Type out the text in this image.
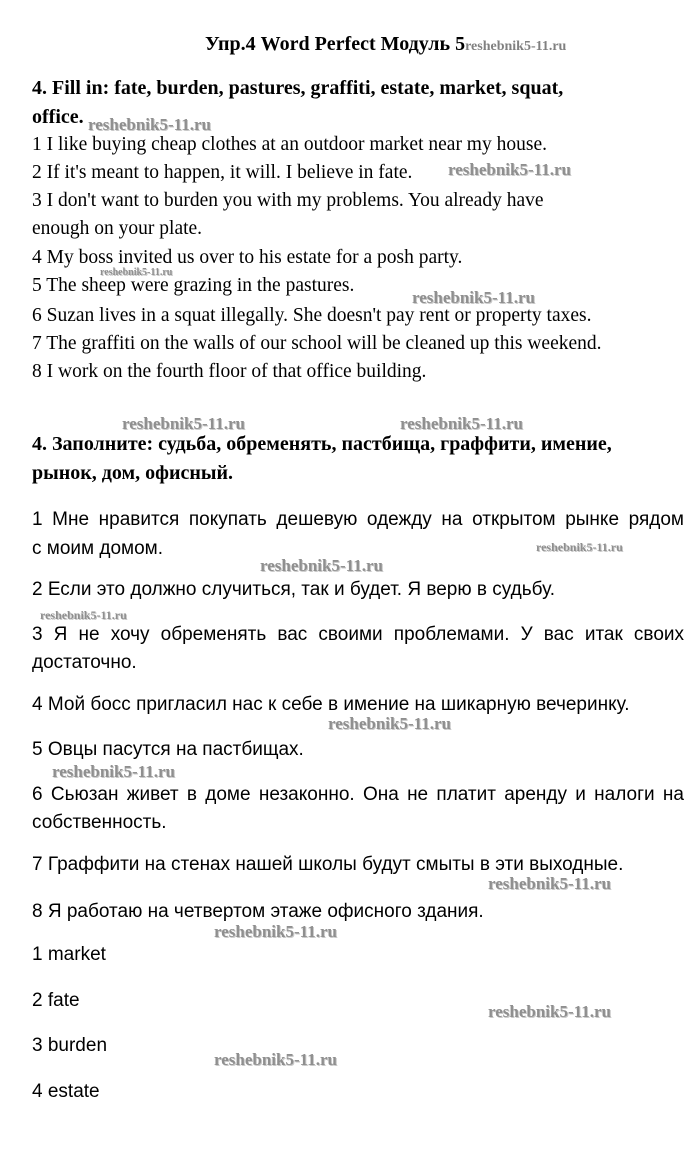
Упр.4 Word Perfect Модуль 5reshebnik5-11.ru
4. Fill in: fate, burden, pastures, graffiti, estate, market, squat,
office.
1 I like buying cheap clothes at an outdoor market near my house.
2 If it's meant to happen, it will. I believe in fate.
3 I don't want to burden you with my problems. You already have
enough on your plate.
4 My boss invited us over to his estate for a posh party.
5 The sheep were grazing in the pastures.
6 Suzan lives in a squat illegally. She doesn't pay rent or property taxes.
7 The graffiti on the walls of our school will be cleaned up this weekend.
8 I work on the fourth floor of that office building.
4. Заполните: судьба, обременять, пастбища, граффити, имение,
рынок, дом, офисный.
1 Мне нравится покупать дешевую одежду на открытом рынке рядом
с моим домом.
2 Если это должно случиться, так и будет. Я верю в судьбу.
3 Я не хочу обременять вас своими проблемами. У вас итак своих
достаточно.
4 Мой босс пригласил нас к себе в имение на шикарную вечеринку.
5 Овцы пасутся на пастбищах.
6 Сьюзан живет в доме незаконно. Она не платит аренду и налоги на
собственность.
7 Граффити на стенах нашей школы будут смыты в эти выходные.
8 Я работаю на четвертом этаже офисного здания.
1 market
2 fate
3 burden
4 estate
reshebnik5-11.ru
reshebnik5-11.ru
reshebnik5-11.ru
reshebnik5-11.ru
reshebnik5-11.ru	reshebnik5-11.ru
reshebnik5-11.ru
reshebnik5-11.ru
reshebnik5-11.ru
reshebnik5-11.ru
reshebnik5-11.ru
reshebnik5-11.ru
reshebnik5-11.ru
reshebnik5-11.ru
reshebnik5-11.ru
